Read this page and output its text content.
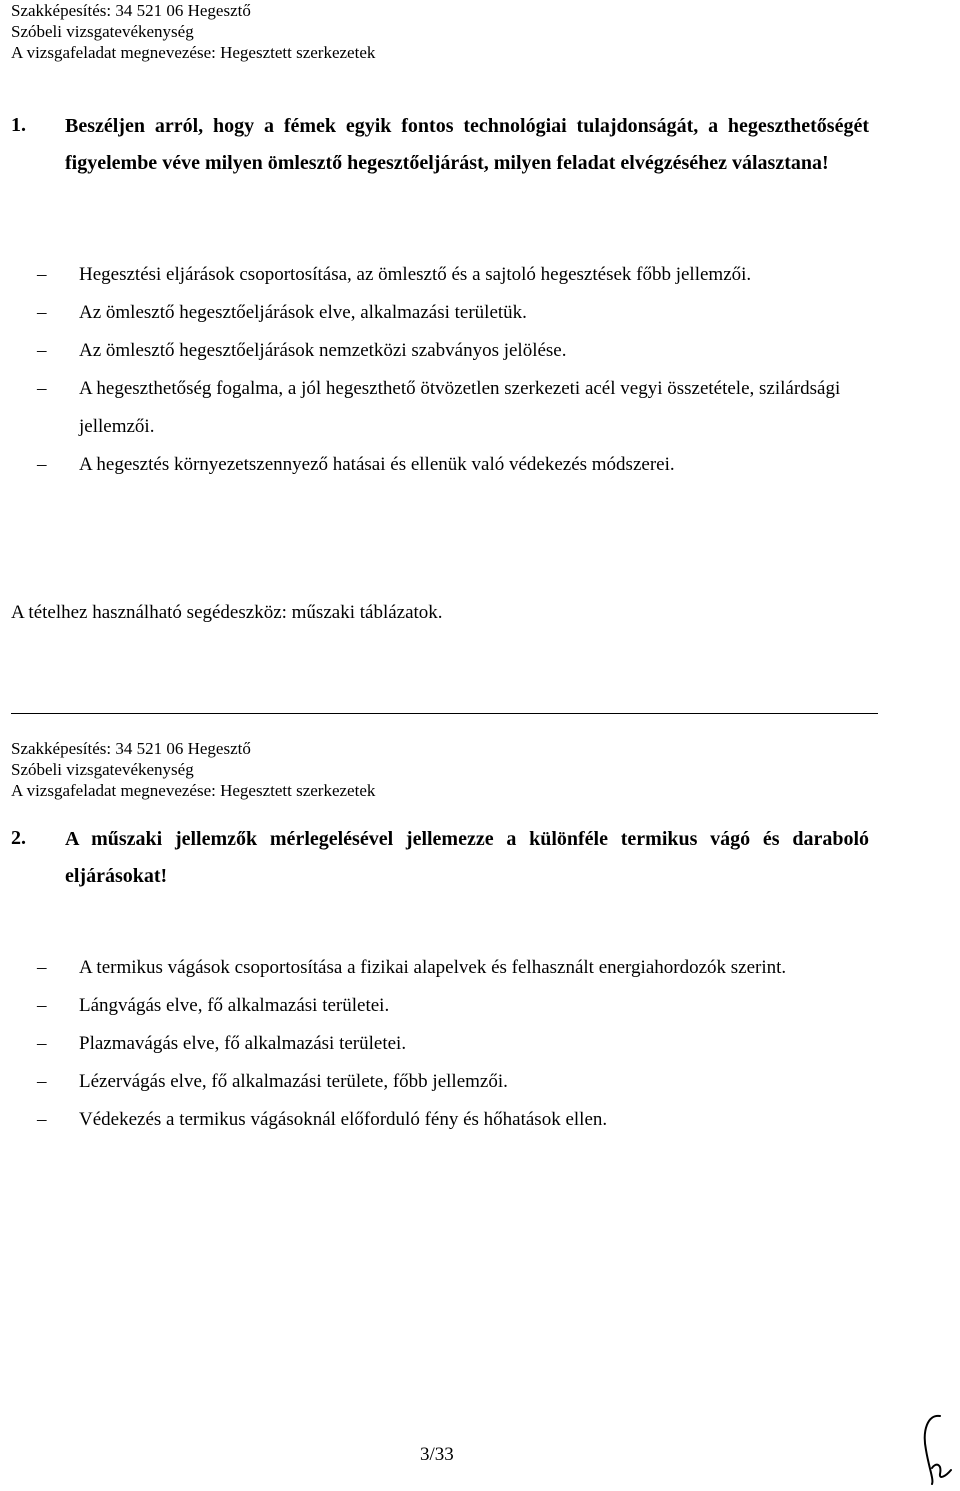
Szakképesítés: 34 521 06 Hegesztő
Szóbeli vizsgatevékenység
A vizsgafeladat megnevezése: Hegesztett szerkezetek
1. Beszéljen arról, hogy a fémek egyik fontos technológiai tulajdonságát, a hegeszthetőségét figyelembe véve milyen ömlesztő hegesztőeljárást, milyen feladat elvégzéséhez választana!
– Hegesztési eljárások csoportosítása, az ömlesztő és a sajtoló hegesztések főbb jellemzői.
– Az ömlesztő hegesztőeljárások elve, alkalmazási területük.
– Az ömlesztő hegesztőeljárások nemzetközi szabványos jelölése.
– A hegeszthetőség fogalma, a jól hegeszthető ötvözetlen szerkezeti acél vegyi összetétele, szilárdsági jellemzői.
– A hegesztés környezetszennyező hatásai és ellenük való védekezés módszerei.
A tételhez használható segédeszköz: műszaki táblázatok.
Szakképesítés: 34 521 06 Hegesztő
Szóbeli vizsgatevékenység
A vizsgafeladat megnevezése: Hegesztett szerkezetek
2. A műszaki jellemzők mérlegelésével jellemezze a különféle termikus vágó és daraboló eljárásokat!
– A termikus vágások csoportosítása a fizikai alapelvek és felhasznált energiahordozók szerint.
– Lángvágás elve, fő alkalmazási területei.
– Plazmavágás elve, fő alkalmazási területei.
– Lézervágás elve, fő alkalmazási területe, főbb jellemzői.
– Védekezés a termikus vágásoknál előforduló fény és hőhatások ellen.
3/33
